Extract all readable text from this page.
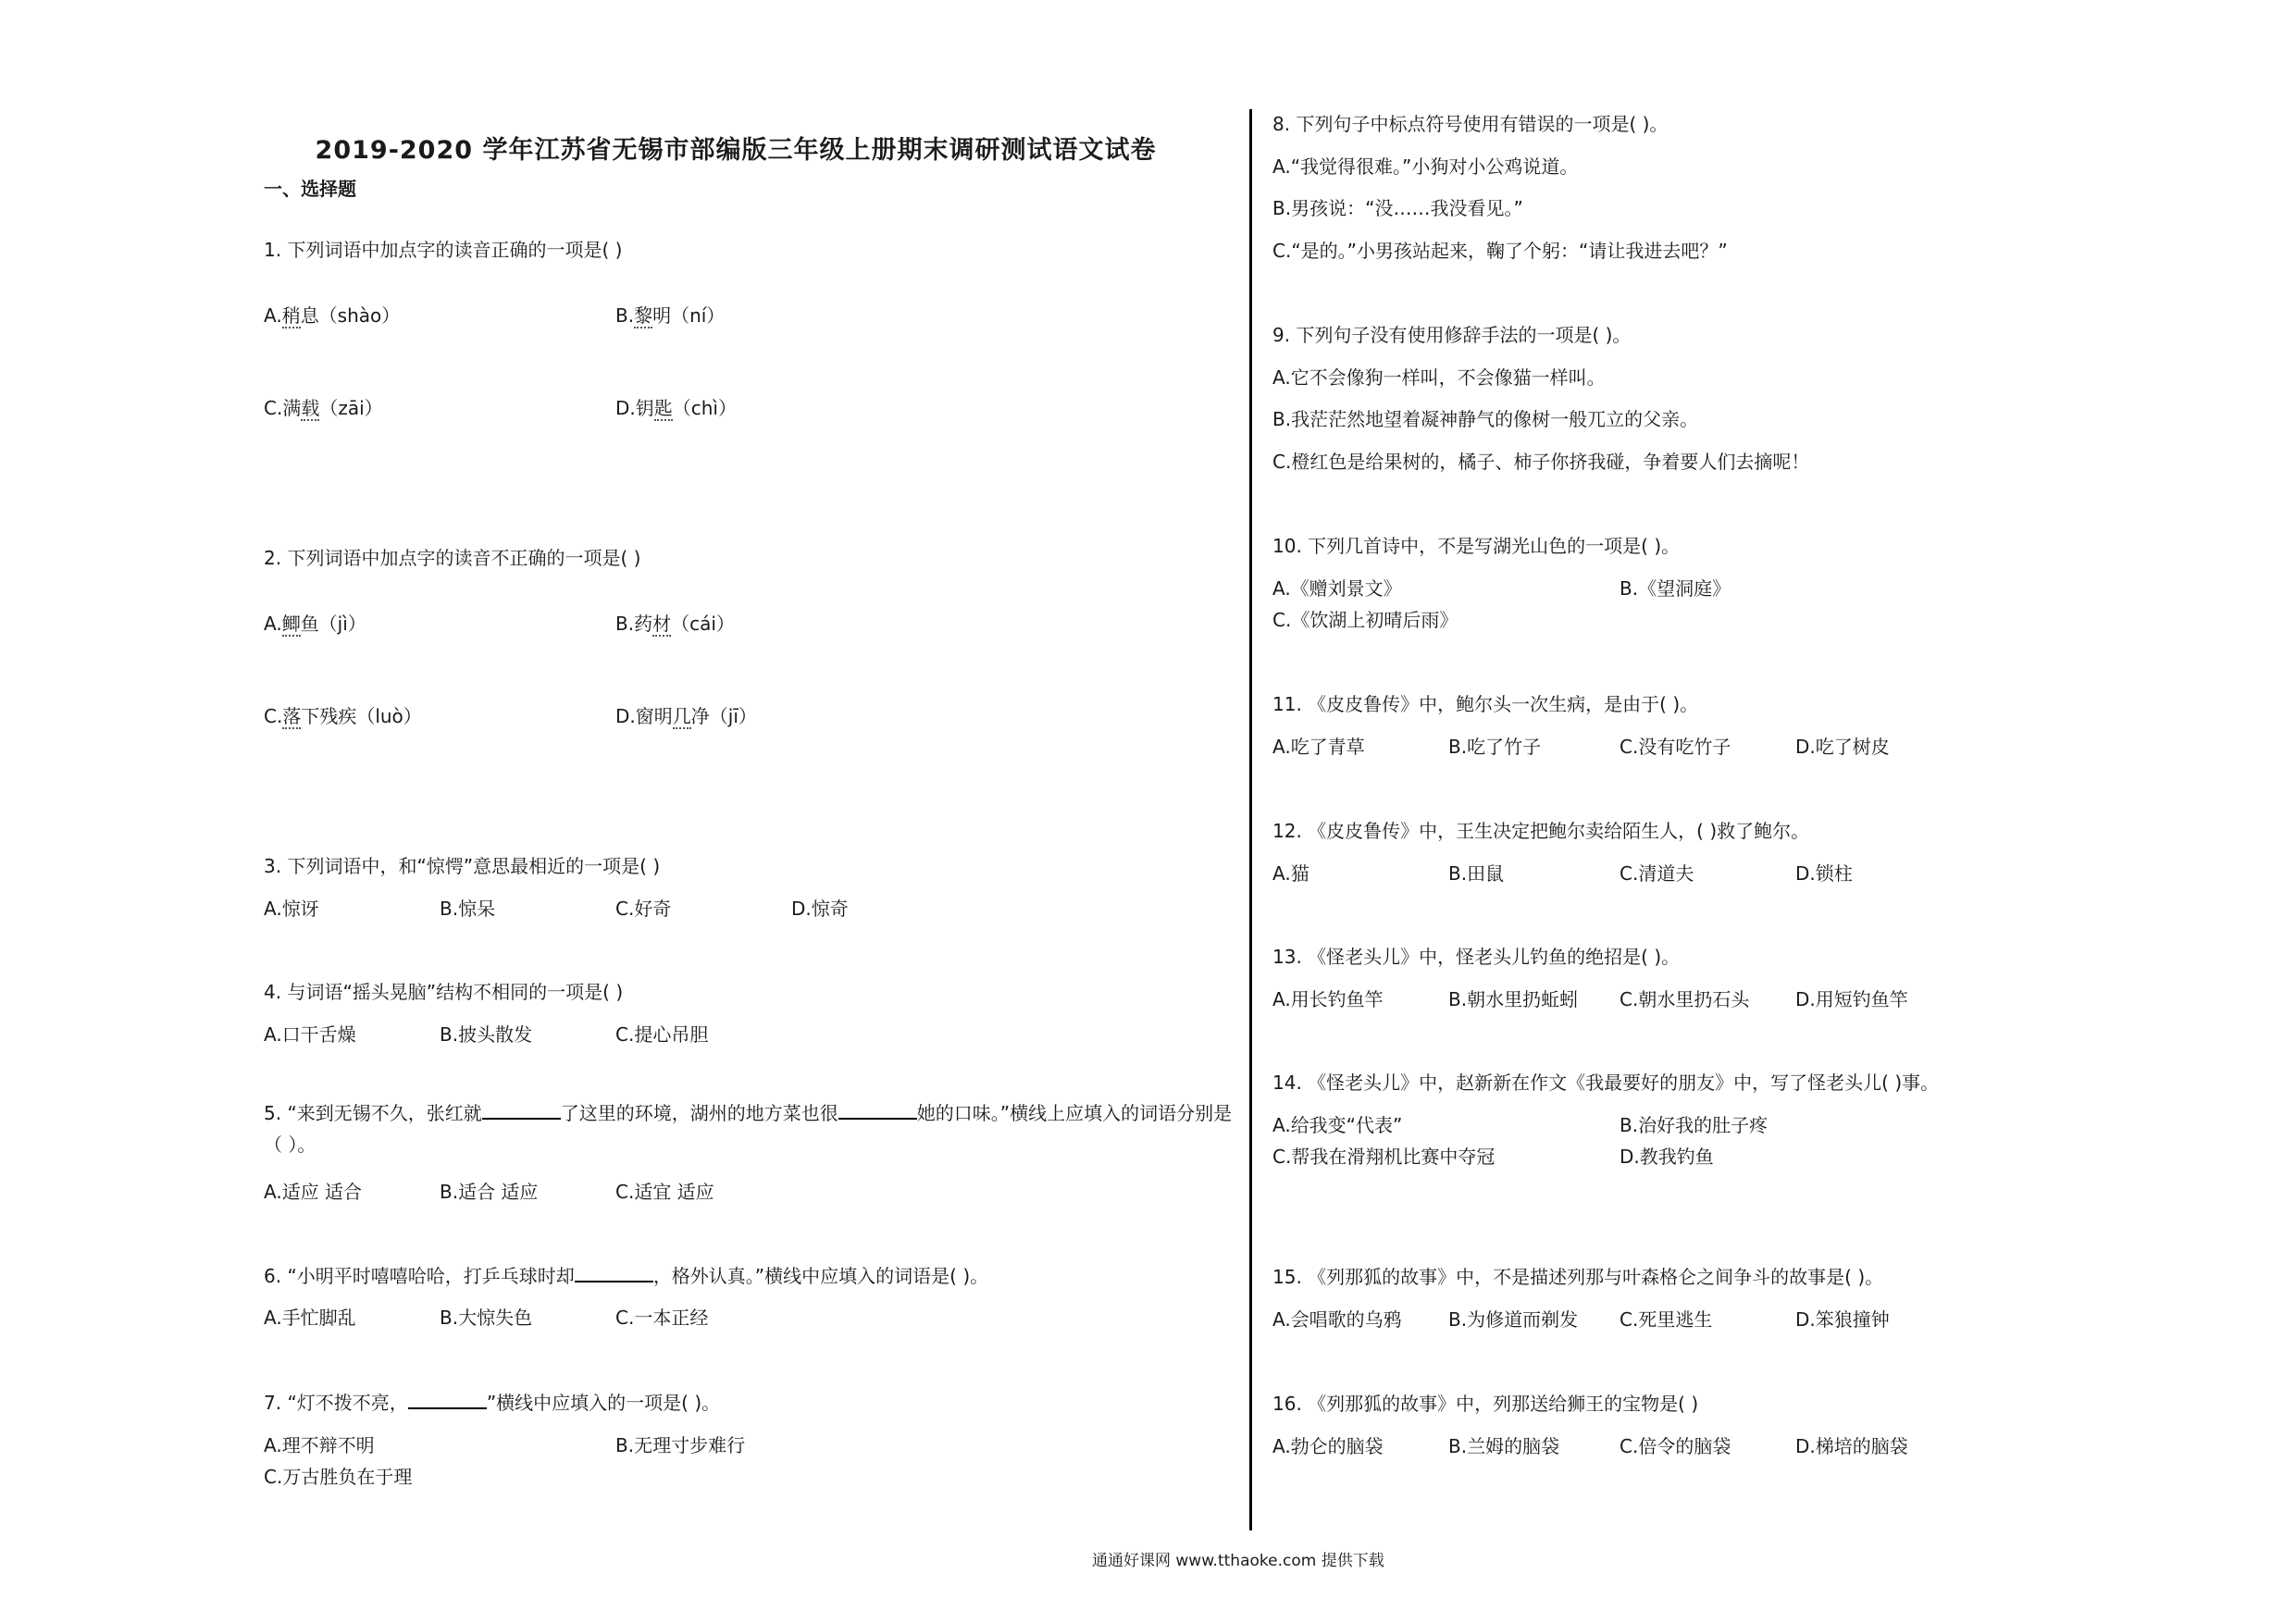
2019-2020 学年江苏省无锡市部编版三年级上册期末调研测试语文试卷
一、选择题
1. 下列词语中加点字的读音正确的一项是( )
A.稍息（shào）	B.黎明（ní）
C.满载（zāi）	D.钥匙（chì）
2. 下列词语中加点字的读音不正确的一项是( )
A.鲫鱼（jì）	B.药材（cái）
C.落下残疾（luò）	D.窗明几净（jī）
3. 下列词语中，和“惊愕”意思最相近的一项是( )
A.惊讶	B.惊呆	C.好奇	D.惊奇
4. 与词语“摇头晃脑”结构不相同的一项是( )
A.口干舌燥	B.披头散发	C.提心吊胆
5. “来到无锡不久，张红就	了这里的环境，湖州的地方菜也很	她的口味。”横线上应填入的词语分别是（ ）。
A.适应 适合	B.适合 适应	C.适宜 适应
6. “小明平时嘻嘻哈哈，打乒乓球时却	，格外认真。”横线中应填入的词语是( )。
A.手忙脚乱	B.大惊失色	C.一本正经
7. “灯不拨不亮，	”横线中应填入的一项是( )。
A.理不辩不明	B.无理寸步难行
C.万古胜负在于理
8. 下列句子中标点符号使用有错误的一项是( )。
A.“我觉得很难。”小狗对小公鸡说道。
B.男孩说：“没……我没看见。”
C.“是的。”小男孩站起来，鞠了个躬：“请让我进去吧？”
9. 下列句子没有使用修辞手法的一项是( )。
A.它不会像狗一样叫，不会像猫一样叫。
B.我茫茫然地望着凝神静气的像树一般兀立的父亲。
C.橙红色是给果树的，橘子、柿子你挤我碰，争着要人们去摘呢！
10. 下列几首诗中，不是写湖光山色的一项是( )。
A.《赠刘景文》	B.《望洞庭》
C.《饮湖上初晴后雨》
11. 《皮皮鲁传》中，鲍尔头一次生病，是由于( )。
A.吃了青草	B.吃了竹子	C.没有吃竹子	D.吃了树皮
12. 《皮皮鲁传》中，王生决定把鲍尔卖给陌生人，( )救了鲍尔。
A.猫	B.田鼠	C.清道夫	D.锁柱
13. 《怪老头儿》中，怪老头儿钓鱼的绝招是( )。
A.用长钓鱼竿	B.朝水里扔蚯蚓 C.朝水里扔石头 D.用短钓鱼竿
14. 《怪老头儿》中，赵新新在作文《我最要好的朋友》中，写了怪老头儿( )事。
A.给我变“代表”	B.治好我的肚子疼
C.帮我在滑翔机比赛中夺冠	D.教我钓鱼
15. 《列那狐的故事》中，不是描述列那与叶森格仑之间争斗的故事是( )。
A.会唱歌的乌鸦	B.为修道而剃发 C.死里逃生	D.笨狼撞钟
16. 《列那狐的故事》中，列那送给狮王的宝物是( )
A.勃仑的脑袋	B.兰姆的脑袋	C.倍令的脑袋	D.梯培的脑袋
通通好课网 www.tthaoke.com 提供下载
